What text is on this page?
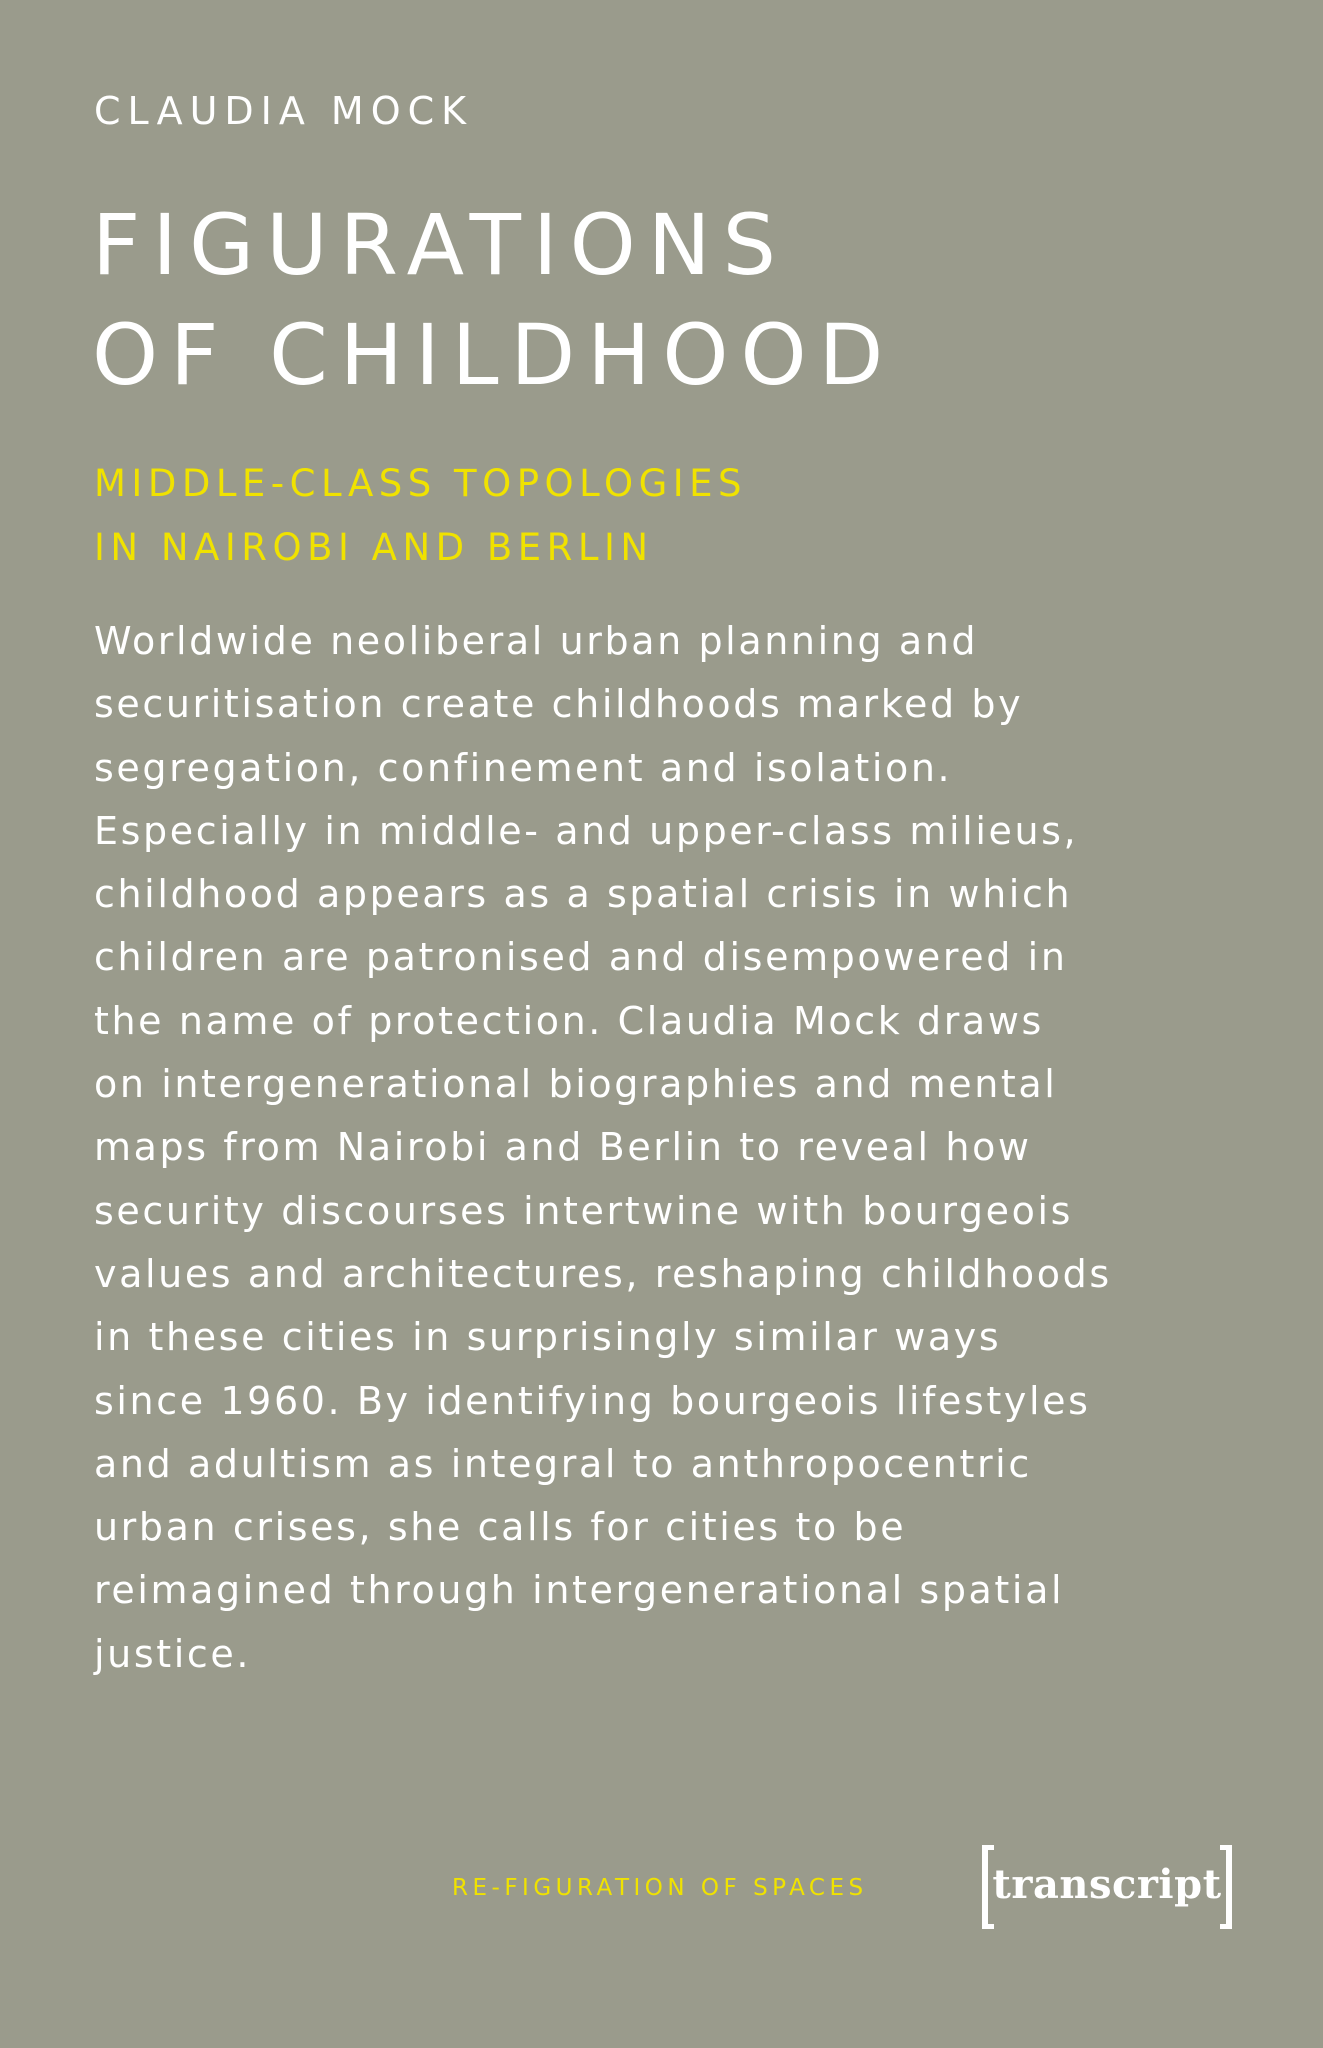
CLAUDIA MOCK
FIGURATIONS
OF CHILDHOOD
MIDDLE-CLASS TOPOLOGIES
IN NAIROBI AND BERLIN
Worldwide neoliberal urban planning and
securitisation create childhoods marked by
segregation, confinement and isolation.
Especially in middle- and upper-class milieus,
childhood appears as a spatial crisis in which
children are patronised and disempowered in
the name of protection. Claudia Mock draws
on intergenerational biographies and mental
maps from Nairobi and Berlin to reveal how
security discourses intertwine with bourgeois
values and architectures, reshaping childhoods
in these cities in surprisingly similar ways
since 1960. By identifying bourgeois lifestyles
and adultism as integral to anthropocentric
urban crises, she calls for cities to be
reimagined through intergenerational spatial
justice.
RE-FIGURATION OF SPACES	transcript
